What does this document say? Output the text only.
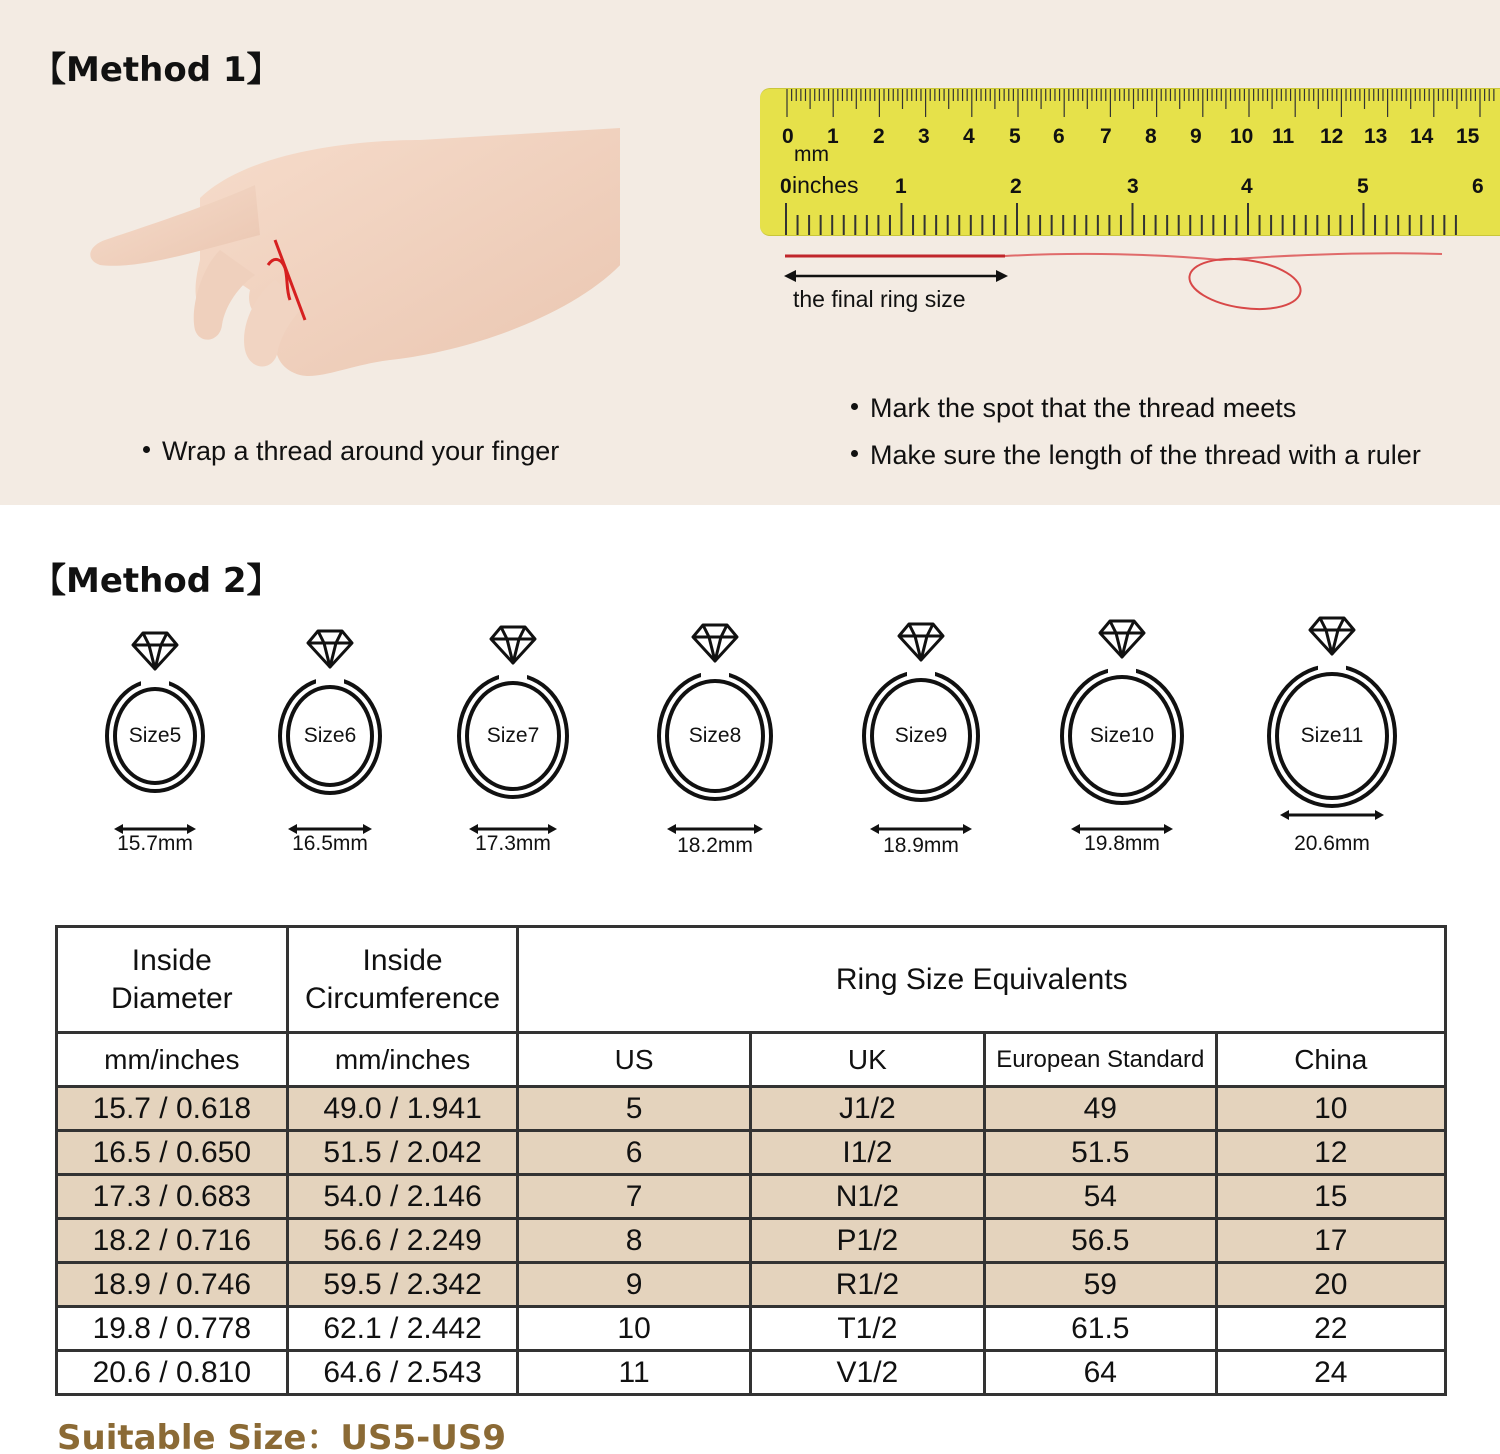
【Method 1】
Wrap a thread around your finger
0 1 2 3 4 5 6 7 8 9 10 11 12 13 14 15
mm
0	1	2	3	4	5	6
inches
the final ring size
Mark the spot that the thread meets
Make sure the length of the thread with a ruler
【Method 2】
Size5	Size6	Size7	Size8	Size9	Size10	Size11
Inside
Diameter	Inside
Circumference	Ring Size Equivalents			
mm/inches	mm/inches	US	UK	European Standard	China
15.7 / 0.618	49.0 / 1.941	5	J1/2	49	10
16.5 / 0.650	51.5 / 2.042	6	I1/2	51.5	12
17.3 / 0.683	54.0 / 2.146	7	N1/2	54	15
18.2 / 0.716	56.6 / 2.249	8	P1/2	56.5	17
18.9 / 0.746	59.5 / 2.342	9	R1/2	59	20
19.8 / 0.778	62.1 / 2.442	10	T1/2	61.5	22
20.6 / 0.810	64.6 / 2.543	11	V1/2	64	24
Suitable Size：US5-US9
15.7mm	16.5mm	17.3mm	18.2mm	18.9mm	19.8mm	20.6mm
